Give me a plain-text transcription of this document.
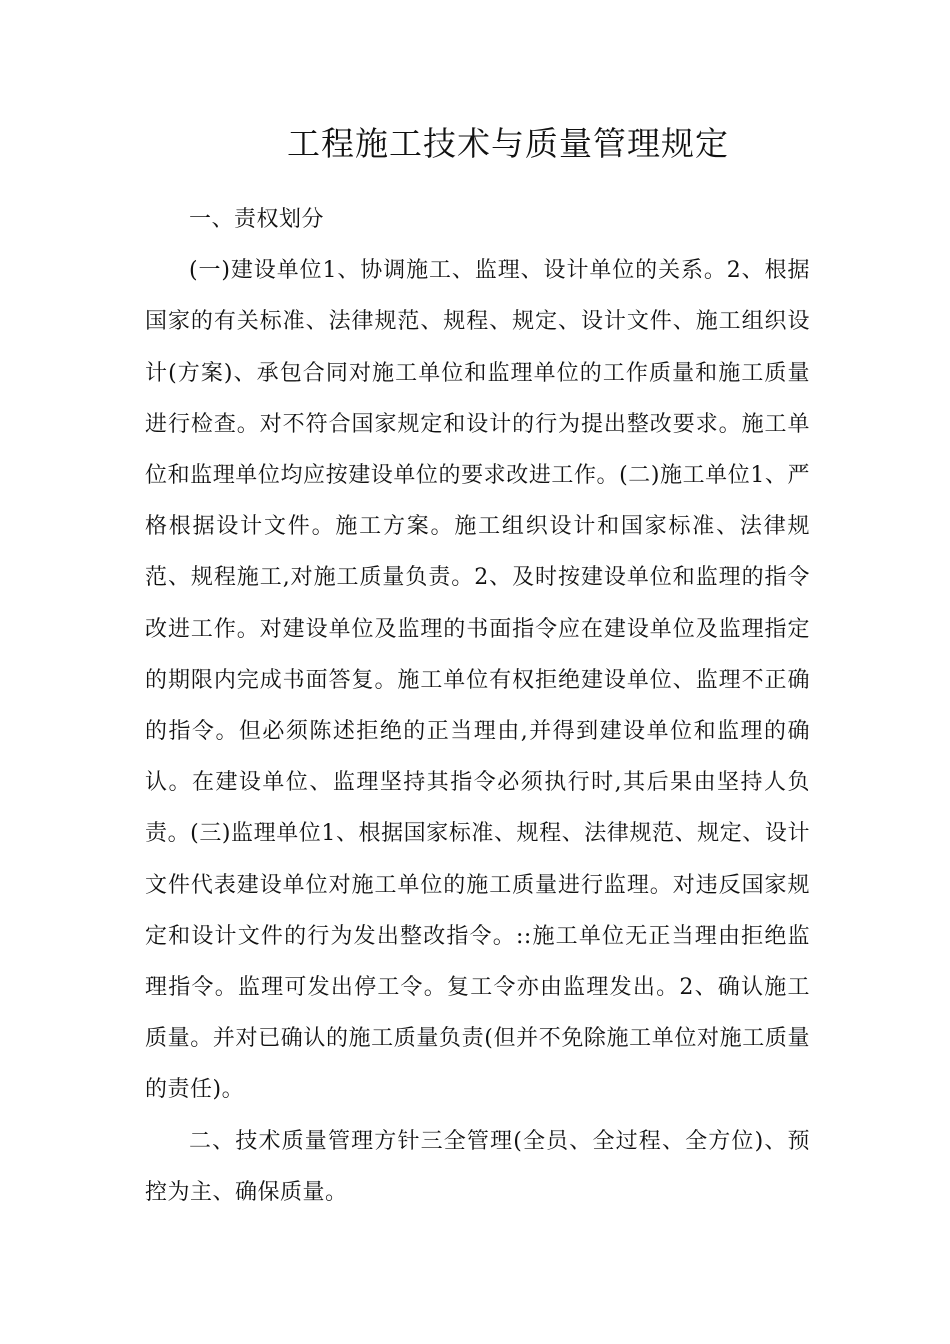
工程施工技术与质量管理规定

一、责权划分

(一)建设单位1、协调施工、监理、设计单位的关系。2、根据国家的有关标准、法律规范、规程、规定、设计文件、施工组织设计(方案)、承包合同对施工单位和监理单位的工作质量和施工质量进行检查。对不符合国家规定和设计的行为提出整改要求。施工单位和监理单位均应按建设单位的要求改进工作。(二)施工单位1、严格根据设计文件。施工方案。施工组织设计和国家标准、法律规范、规程施工,对施工质量负责。2、及时按建设单位和监理的指令改进工作。对建设单位及监理的书面指令应在建设单位及监理指定的期限内完成书面答复。施工单位有权拒绝建设单位、监理不正确的指令。但必须陈述拒绝的正当理由,并得到建设单位和监理的确认。在建设单位、监理坚持其指令必须执行时,其后果由坚持人负责。(三)监理单位1、根据国家标准、规程、法律规范、规定、设计文件代表建设单位对施工单位的施工质量进行监理。对违反国家规定和设计文件的行为发出整改指令。::施工单位无正当理由拒绝监理指令。监理可发出停工令。复工令亦由监理发出。2、确认施工质量。并对已确认的施工质量负责(但并不免除施工单位对施工质量的责任)。

二、技术质量管理方针三全管理(全员、全过程、全方位)、预控为主、确保质量。
